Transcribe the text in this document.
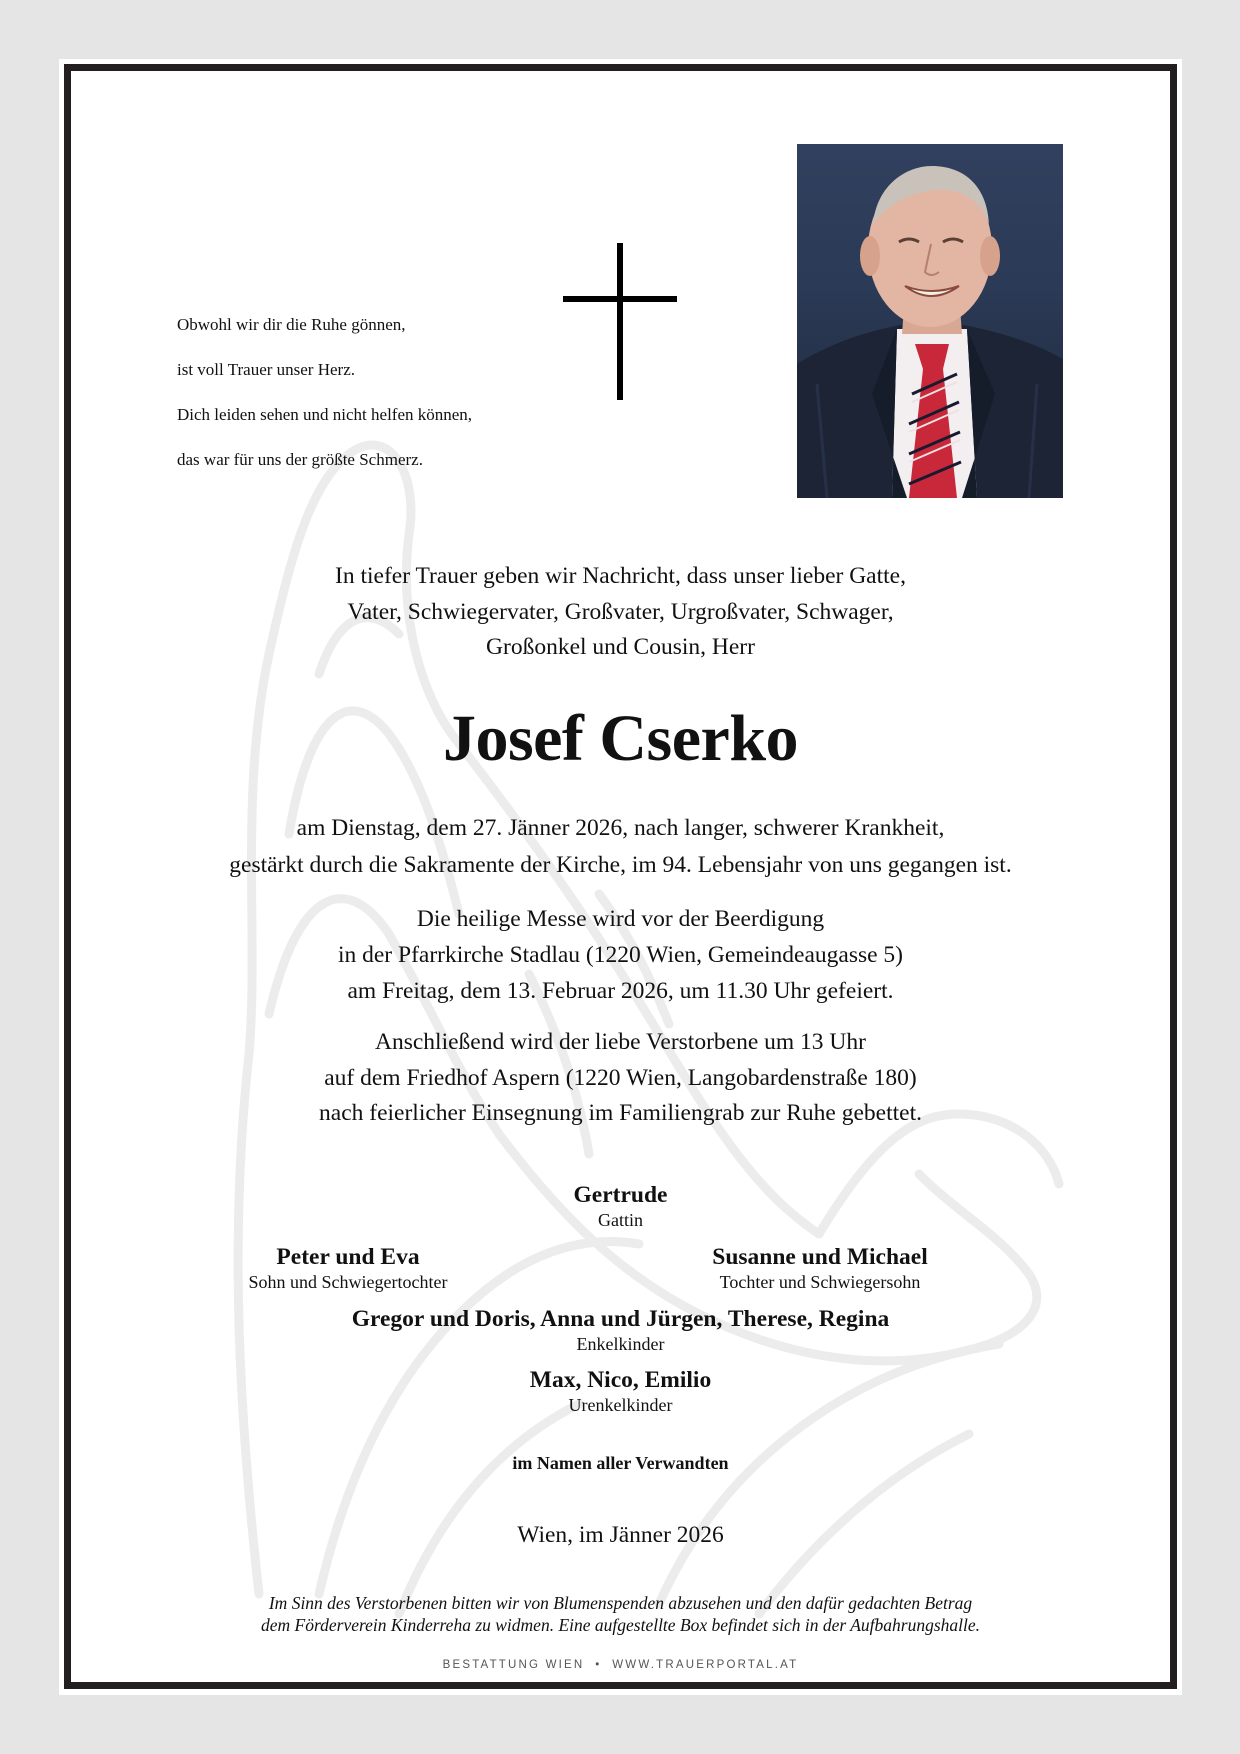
Obwohl wir dir die Ruhe gönnen,

ist voll Trauer unser Herz.

Dich leiden sehen und nicht helfen können,

das war für uns der größte Schmerz.

In tiefer Trauer geben wir Nachricht, dass unser lieber Gatte,
Vater, Schwiegervater, Großvater, Urgroßvater, Schwager,
Großonkel und Cousin, Herr
Josef Cserko
am Dienstag, dem 27. Jänner 2026, nach langer, schwerer Krankheit,
gestärkt durch die Sakramente der Kirche, im 94. Lebensjahr von uns gegangen ist.
Die heilige Messe wird vor der Beerdigung
in der Pfarrkirche Stadlau (1220 Wien, Gemeindeaugasse 5)
am Freitag, dem 13. Februar 2026, um 11.30 Uhr gefeiert.
Anschließend wird der liebe Verstorbene um 13 Uhr
auf dem Friedhof Aspern (1220 Wien, Langobardenstraße 180)
nach feierlicher Einsegnung im Familiengrab zur Ruhe gebettet.
Gertrude
Gattin
Peter und Eva
Sohn und Schwiegertochter
Susanne und Michael
Tochter und Schwiegersohn
Gregor und Doris, Anna und Jürgen, Therese, Regina
Enkelkinder
Max, Nico, Emilio
Urenkelkinder
im Namen aller Verwandten
Wien, im Jänner 2026
Im Sinn des Verstorbenen bitten wir von Blumenspenden abzusehen und den dafür gedachten Betrag
dem Förderverein Kinderreha zu widmen. Eine aufgestellte Box befindet sich in der Aufbahrungshalle.
BESTATTUNG WIEN  •  WWW.TRAUERPORTAL.AT
